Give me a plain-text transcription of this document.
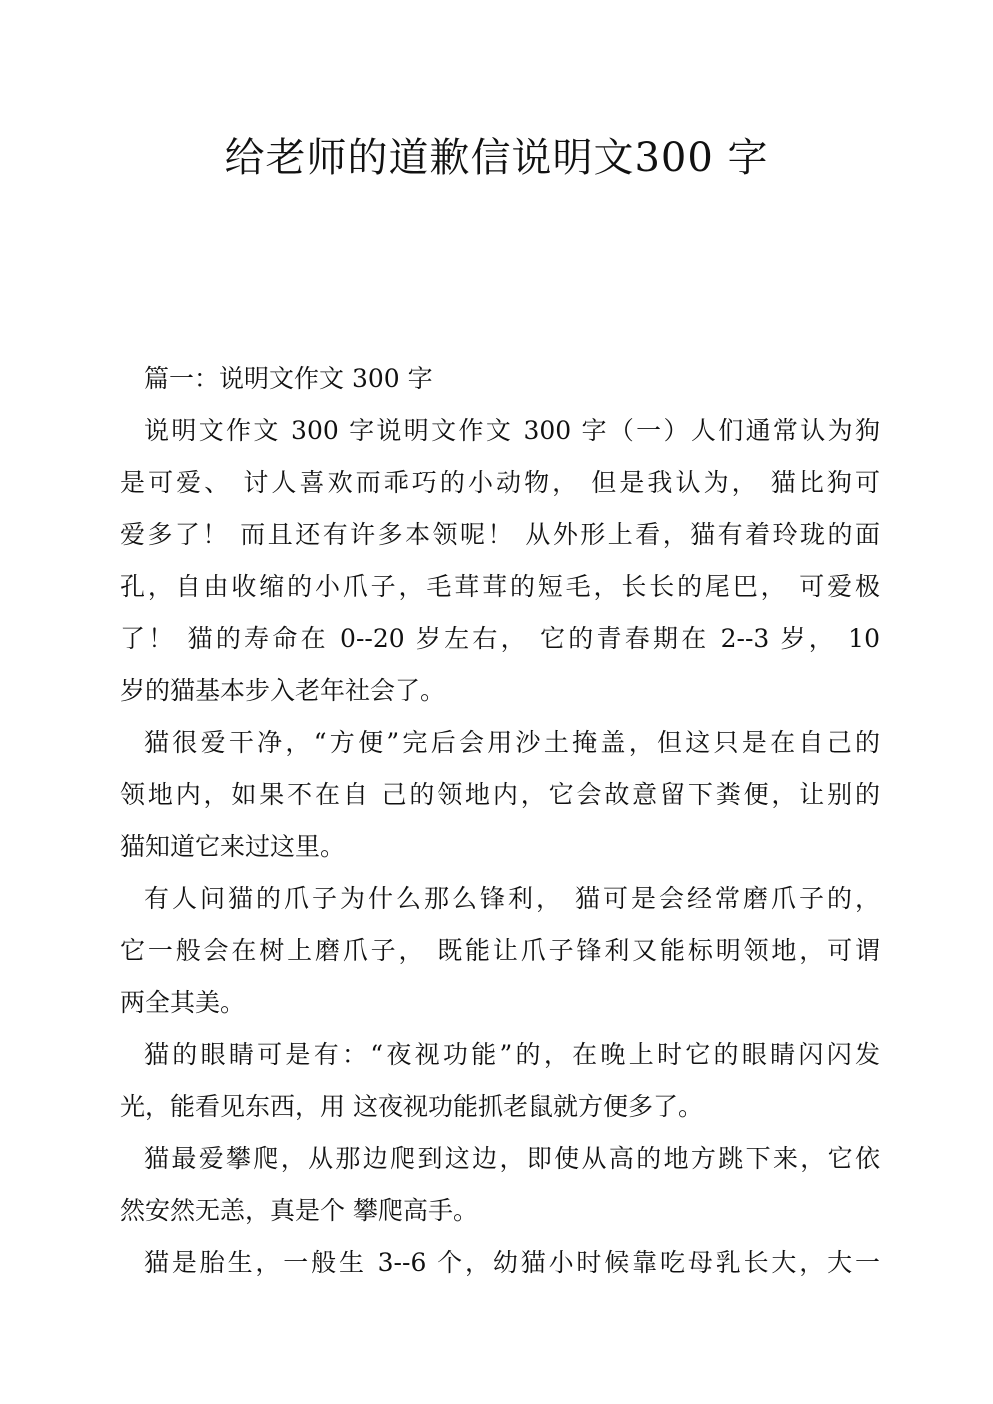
给老师的道歉信说明文300 字
篇一：说明文作文 300 字
说明文作文 300 字说明文作文 300 字（一）人们通常认为狗
是可爱、 讨人喜欢而乖巧的小动物， 但是我认为， 猫比狗可
爱多了！ 而且还有许多本领呢！ 从外形上看，猫有着玲珑的面
孔，自由收缩的小爪子，毛茸茸的短毛，长长的尾巴， 可爱极
了！ 猫的寿命在 0--20 岁左右， 它的青春期在 2--3 岁， 10
岁的猫基本步入老年社会了。
猫很爱干净，“方便”完后会用沙土掩盖，但这只是在自己的
领地内，如果不在自 己的领地内，它会故意留下粪便，让别的
猫知道它来过这里。
有人问猫的爪子为什么那么锋利， 猫可是会经常磨爪子的，
它一般会在树上磨爪子， 既能让爪子锋利又能标明领地，可谓
两全其美。
猫的眼睛可是有：“夜视功能”的，在晚上时它的眼睛闪闪发
光，能看见东西，用 这夜视功能抓老鼠就方便多了。
猫最爱攀爬，从那边爬到这边，即使从高的地方跳下来，它依
然安然无恙，真是个 攀爬高手。
猫是胎生，一般生 3--6 个，幼猫小时候靠吃母乳长大，大一
